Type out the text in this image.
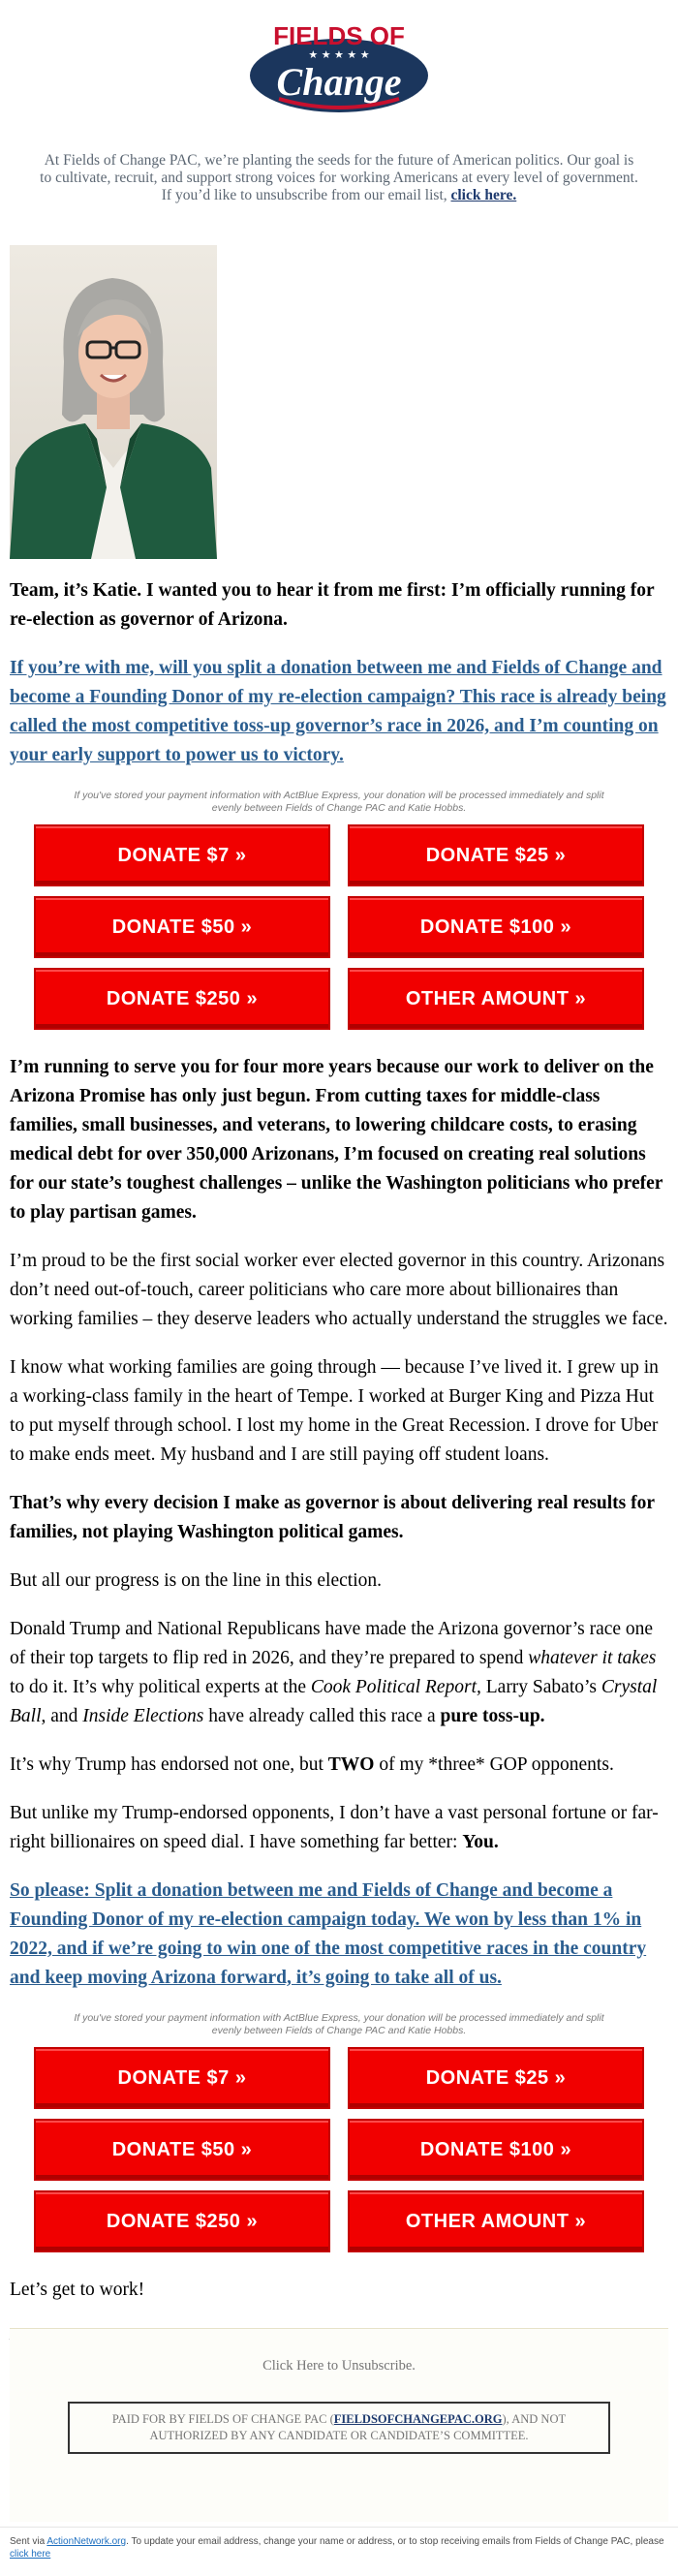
FIELDS OF
★ ★ ★ ★ ★
Change
At Fields of Change PAC, we’re planting the seeds for the future of American politics. Our goal is to cultivate, recruit, and support strong voices for working Americans at every level of government. If you’d like to unsubscribe from our email list, click here.

Team, it’s Katie. I wanted you to hear it from me first: I’m officially running for re-election as governor of Arizona.

If you’re with me, will you split a donation between me and Fields of Change and become a Founding Donor of my re-election campaign? This race is already being called the most competitive toss-up governor’s race in 2026, and I’m counting on your early support to power us to victory.

If you've stored your payment information with ActBlue Express, your donation will be processed immediately and split evenly between Fields of Change PAC and Katie Hobbs.

DONATE $7 »	DONATE $25 »
DONATE $50 »	DONATE $100 »
DONATE $250 »	OTHER AMOUNT »

I’m running to serve you for four more years because our work to deliver on the Arizona Promise has only just begun. From cutting taxes for middle-class families, small businesses, and veterans, to lowering childcare costs, to erasing medical debt for over 350,000 Arizonans, I’m focused on creating real solutions for our state’s toughest challenges – unlike the Washington politicians who prefer to play partisan games.

I’m proud to be the first social worker ever elected governor in this country. Arizonans don’t need out-of-touch, career politicians who care more about billionaires than working families – they deserve leaders who actually understand the struggles we face.

I know what working families are going through — because I’ve lived it. I grew up in a working-class family in the heart of Tempe. I worked at Burger King and Pizza Hut to put myself through school. I lost my home in the Great Recession. I drove for Uber to make ends meet. My husband and I are still paying off student loans.

That’s why every decision I make as governor is about delivering real results for families, not playing Washington political games.

But all our progress is on the line in this election.

Donald Trump and National Republicans have made the Arizona governor’s race one of their top targets to flip red in 2026, and they’re prepared to spend whatever it takes to do it. It’s why political experts at the Cook Political Report, Larry Sabato’s Crystal Ball, and Inside Elections have already called this race a pure toss-up.

It’s why Trump has endorsed not one, but TWO of my *three* GOP opponents.

But unlike my Trump-endorsed opponents, I don’t have a vast personal fortune or far-right billionaires on speed dial. I have something far better: You.

So please: Split a donation between me and Fields of Change and become a Founding Donor of my re-election campaign today. We won by less than 1% in 2022, and if we’re going to win one of the most competitive races in the country and keep moving Arizona forward, it’s going to take all of us.

If you've stored your payment information with ActBlue Express, your donation will be processed immediately and split evenly between Fields of Change PAC and Katie Hobbs.

DONATE $7 »	DONATE $25 »
DONATE $50 »	DONATE $100 »
DONATE $250 »	OTHER AMOUNT »

Let’s get to work!

Click Here to Unsubscribe.
PAID FOR BY FIELDS OF CHANGE PAC (FIELDSOFCHANGEPAC.ORG), AND NOT AUTHORIZED BY ANY CANDIDATE OR CANDIDATE’S COMMITTEE.
Sent via ActionNetwork.org. To update your email address, change your name or address, or to stop receiving emails from Fields of Change PAC, please click here
